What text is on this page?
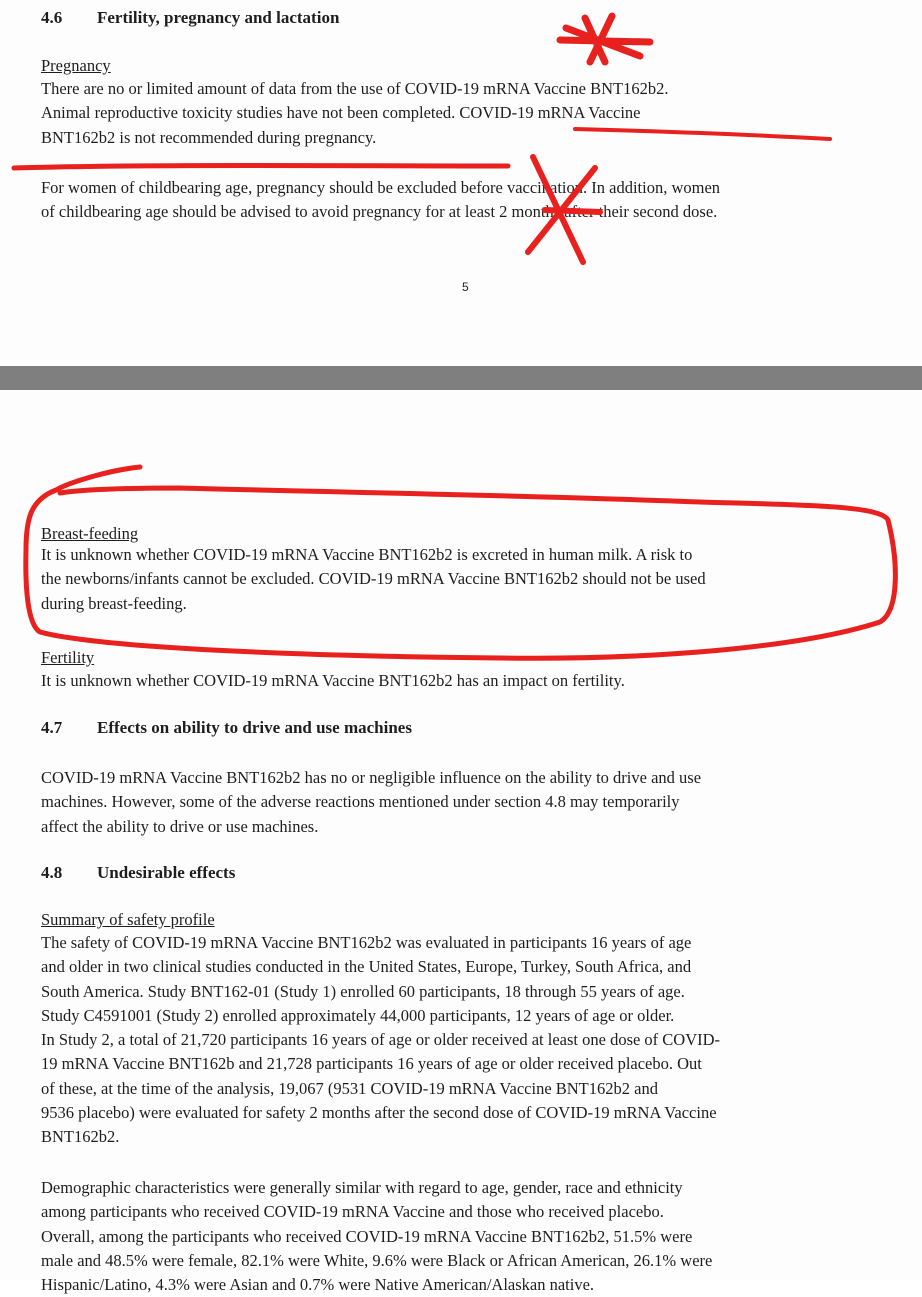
4.6 Fertility, pregnancy and lactation
Pregnancy
There are no or limited amount of data from the use of COVID-19 mRNA Vaccine BNT162b2.
Animal reproductive toxicity studies have not been completed. COVID-19 mRNA Vaccine
BNT162b2 is not recommended during pregnancy.
For women of childbearing age, pregnancy should be excluded before vaccination. In addition, women
of childbearing age should be advised to avoid pregnancy for at least 2 months after their second dose.
5
Breast-feeding
It is unknown whether COVID-19 mRNA Vaccine BNT162b2 is excreted in human milk. A risk to
the newborns/infants cannot be excluded. COVID-19 mRNA Vaccine BNT162b2 should not be used
during breast-feeding.
Fertility
It is unknown whether COVID-19 mRNA Vaccine BNT162b2 has an impact on fertility.
4.7 Effects on ability to drive and use machines
COVID-19 mRNA Vaccine BNT162b2 has no or negligible influence on the ability to drive and use
machines. However, some of the adverse reactions mentioned under section 4.8 may temporarily
affect the ability to drive or use machines.
4.8 Undesirable effects
Summary of safety profile
The safety of COVID-19 mRNA Vaccine BNT162b2 was evaluated in participants 16 years of age
and older in two clinical studies conducted in the United States, Europe, Turkey, South Africa, and
South America. Study BNT162-01 (Study 1) enrolled 60 participants, 18 through 55 years of age.
Study C4591001 (Study 2) enrolled approximately 44,000 participants, 12 years of age or older.
In Study 2, a total of 21,720 participants 16 years of age or older received at least one dose of COVID-
19 mRNA Vaccine BNT162b and 21,728 participants 16 years of age or older received placebo. Out
of these, at the time of the analysis, 19,067 (9531 COVID-19 mRNA Vaccine BNT162b2 and
9536 placebo) were evaluated for safety 2 months after the second dose of COVID-19 mRNA Vaccine
BNT162b2.
Demographic characteristics were generally similar with regard to age, gender, race and ethnicity
among participants who received COVID-19 mRNA Vaccine and those who received placebo.
Overall, among the participants who received COVID-19 mRNA Vaccine BNT162b2, 51.5% were
male and 48.5% were female, 82.1% were White, 9.6% were Black or African American, 26.1% were
Hispanic/Latino, 4.3% were Asian and 0.7% were Native American/Alaskan native.
